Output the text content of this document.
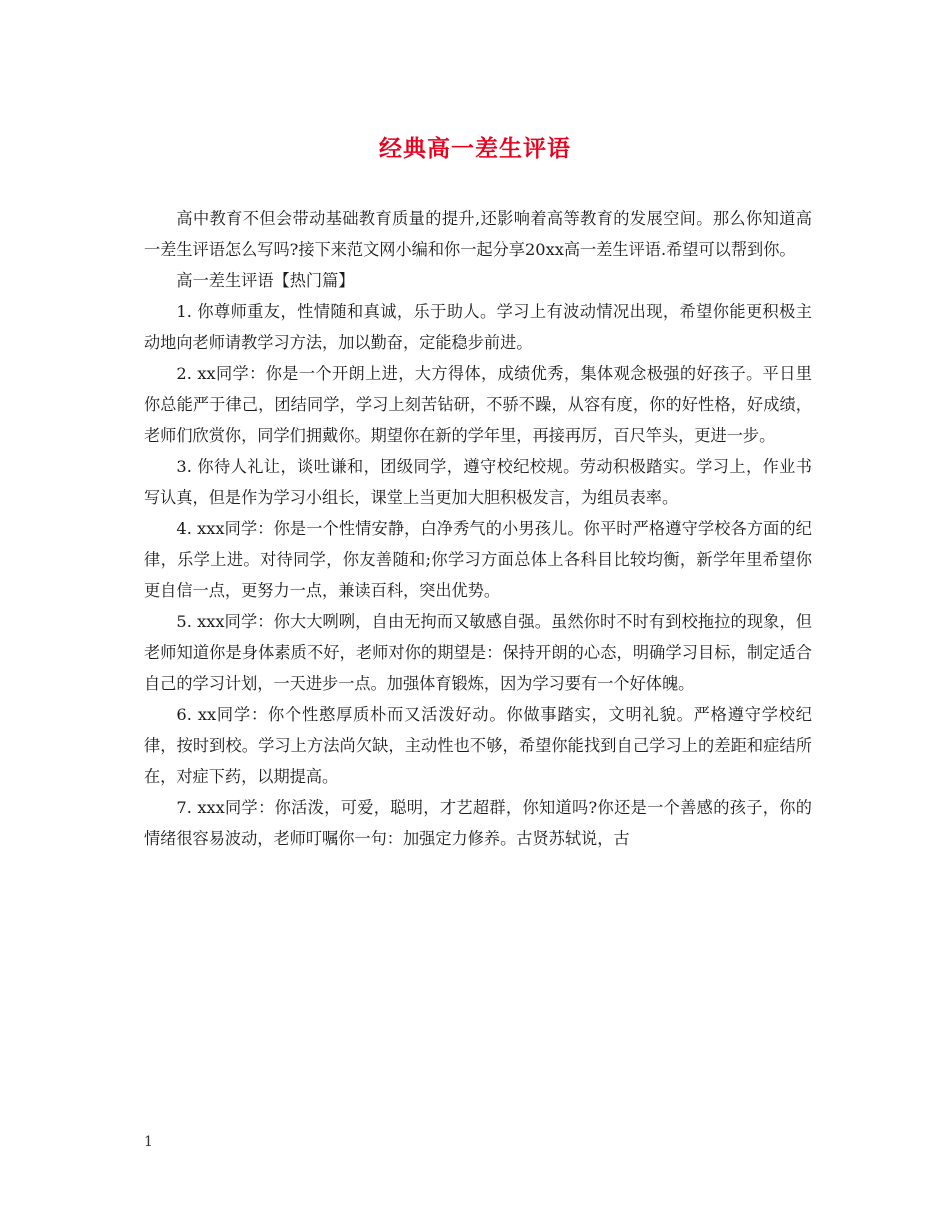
经典高一差生评语

高中教育不但会带动基础教育质量的提升,还影响着高等教育的发展空间。那么你知道高一差生评语怎么写吗?接下来范文网小编和你一起分享20xx高一差生评语.希望可以帮到你。

高一差生评语【热门篇】

1. 你尊师重友，性情随和真诚，乐于助人。学习上有波动情况出现，希望你能更积极主动地向老师请教学习方法，加以勤奋，定能稳步前进。

2. xx同学：你是一个开朗上进，大方得体，成绩优秀，集体观念极强的好孩子。平日里你总能严于律己，团结同学，学习上刻苦钻研，不骄不躁，从容有度，你的好性格，好成绩，老师们欣赏你，同学们拥戴你。期望你在新的学年里，再接再厉，百尺竿头，更进一步。

3. 你待人礼让，谈吐谦和，团级同学，遵守校纪校规。劳动积极踏实。学习上，作业书写认真，但是作为学习小组长，课堂上当更加大胆积极发言，为组员表率。

4. xxx同学：你是一个性情安静，白净秀气的小男孩儿。你平时严格遵守学校各方面的纪律，乐学上进。对待同学，你友善随和;你学习方面总体上各科目比较均衡，新学年里希望你更自信一点，更努力一点，兼读百科，突出优势。

5. xxx同学：你大大咧咧，自由无拘而又敏感自强。虽然你时不时有到校拖拉的现象，但老师知道你是身体素质不好，老师对你的期望是：保持开朗的心态，明确学习目标，制定适合自己的学习计划，一天进步一点。加强体育锻炼，因为学习要有一个好体魄。

6. xx同学：你个性憨厚质朴而又活泼好动。你做事踏实，文明礼貌。严格遵守学校纪律，按时到校。学习上方法尚欠缺，主动性也不够，希望你能找到自己学习上的差距和症结所在，对症下药，以期提高。

7. xxx同学：你活泼，可爱，聪明，才艺超群，你知道吗?你还是一个善感的孩子，你的情绪很容易波动，老师叮嘱你一句：加强定力修养。古贤苏轼说，古

1
